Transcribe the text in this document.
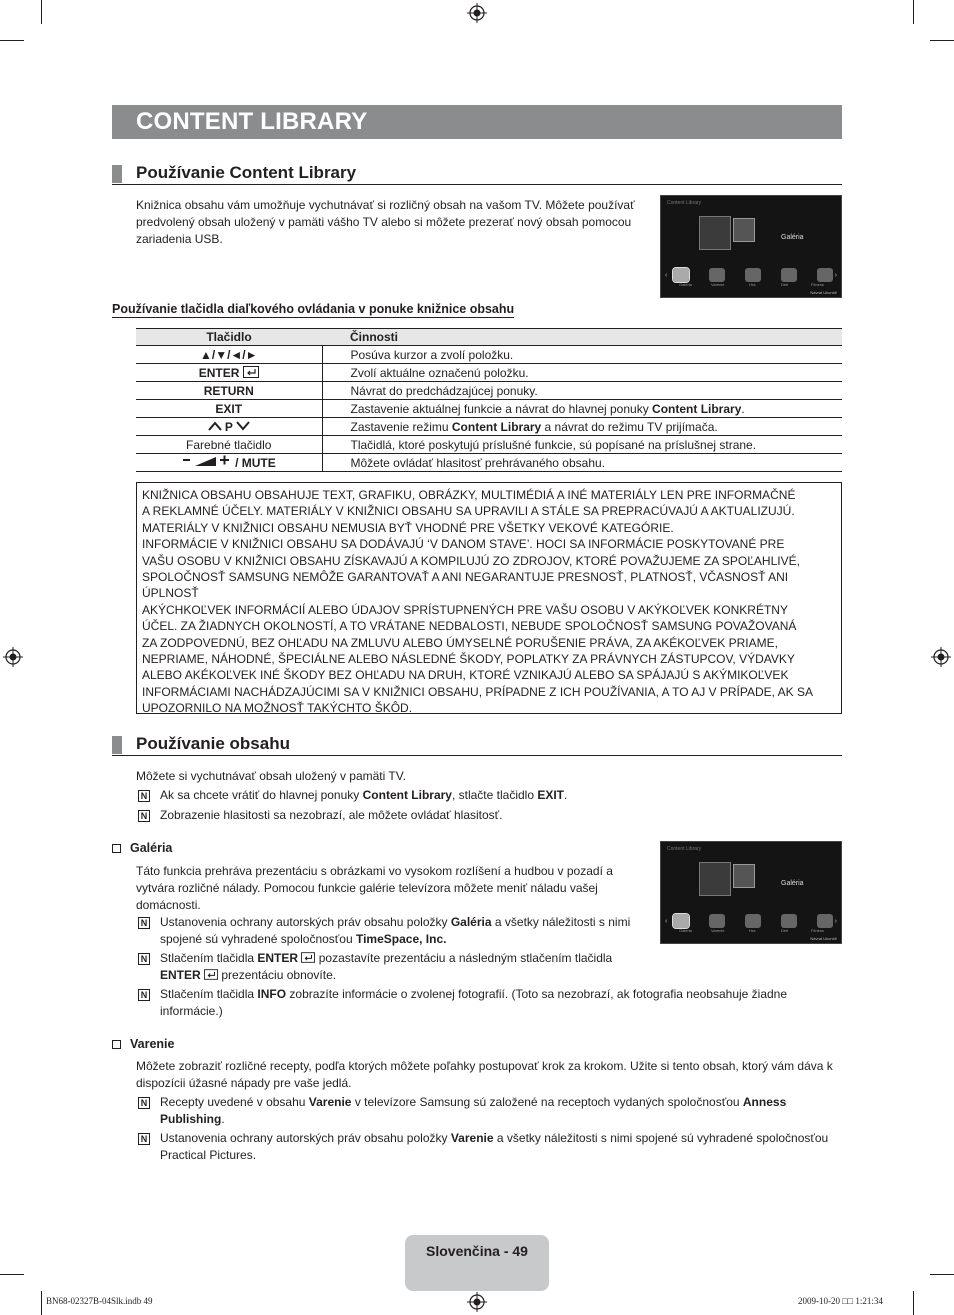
CONTENT LIBRARY
Používanie Content Library
Knižnica obsahu vám umožňuje vychutnávať si rozličný obsah na vašom TV. Môžete používať predvolený obsah uložený v pamäti vášho TV alebo si môžete prezerať nový obsah pomocou zariadenia USB.
Content Library
Galéria
‹	›
Galéria	Varenie	Hra	Deti	Fitness
Návrat Ukončiť
Používanie tlačidla diaľkového ovládania v ponuke knižnice obsahu
Tlačidlo	Činnosti
▲/▼/◄/►	Posúva kurzor a zvolí položku.
ENTER	Zvolí aktuálne označenú položku.
RETURN	Návrat do predchádzajúcej ponuky.
EXIT	Zastavenie aktuálnej funkcie a návrat do hlavnej ponuky Content Library.
P	Zastavenie režimu Content Library a návrat do režimu TV prijímača.
Farebné tlačidlo	Tlačidlá, ktoré poskytujú príslušné funkcie, sú popísané na príslušnej strane.
/ MUTE	Môžete ovládať hlasitosť prehrávaného obsahu.
KNIŽNICA OBSAHU OBSAHUJE TEXT, GRAFIKU, OBRÁZKY, MULTIMÉDIÁ A INÉ MATERIÁLY LEN PRE INFORMAČNÉ
A REKLAMNÉ ÚČELY. MATERIÁLY V KNIŽNICI OBSAHU SA UPRAVILI A STÁLE SA PREPRACÚVAJÚ A AKTUALIZUJÚ.
MATERIÁLY V KNIŽNICI OBSAHU NEMUSIA BYŤ VHODNÉ PRE VŠETKY VEKOVÉ KATEGÓRIE.
INFORMÁCIE V KNIŽNICI OBSAHU SA DODÁVAJÚ ‘V DANOM STAVE’. HOCI SA INFORMÁCIE POSKYTOVANÉ PRE
VAŠU OSOBU V KNIŽNICI OBSAHU ZÍSKAVAJÚ A KOMPILUJÚ ZO ZDROJOV, KTORÉ POVAŽUJEME ZA SPOĽAHLIVÉ,
SPOLOČNOSŤ SAMSUNG NEMÔŽE GARANTOVAŤ A ANI NEGARANTUJE PRESNOSŤ, PLATNOSŤ, VČASNOSŤ ANI
ÚPLNOSŤ
AKÝCHKOĽVEK INFORMÁCIÍ ALEBO ÚDAJOV SPRÍSTUPNENÝCH PRE VAŠU OSOBU V AKÝKOĽVEK KONKRÉTNY
ÚČEL. ZA ŽIADNYCH OKOLNOSTÍ, A TO VRÁTANE NEDBALOSTI, NEBUDE SPOLOČNOSŤ SAMSUNG POVAŽOVANÁ
ZA ZODPOVEDNÚ, BEZ OHĽADU NA ZMLUVU ALEBO ÚMYSELNÉ PORUŠENIE PRÁVA, ZA AKÉKOĽVEK PRIAME,
NEPRIAME, NÁHODNÉ, ŠPECIÁLNE ALEBO NÁSLEDNÉ ŠKODY, POPLATKY ZA PRÁVNYCH ZÁSTUPCOV, VÝDAVKY
ALEBO AKÉKOĽVEK INÉ ŠKODY BEZ OHĽADU NA DRUH, KTORÉ VZNIKAJÚ ALEBO SA SPÁJAJÚ S AKÝMIKOĽVEK
INFORMÁCIAMI NACHÁDZAJÚCIMI SA V KNIŽNICI OBSAHU, PRÍPADNE Z ICH POUŽÍVANIA, A TO AJ V PRÍPADE, AK SA
UPOZORNILO NA MOŽNOSŤ TAKÝCHTO ŠKÔD.
Používanie obsahu
Môžete si vychutnávať obsah uložený v pamäti TV.
N Ak sa chcete vrátiť do hlavnej ponuky Content Library, stlačte tlačidlo EXIT.
N Zobrazenie hlasitosti sa nezobrazí, ale môžete ovládať hlasitosť.
Galéria
Táto funkcia prehráva prezentáciu s obrázkami vo vysokom rozlíšení a hudbou v pozadí a vytvára rozličné nálady. Pomocou funkcie galérie televízora môžete meniť náladu vašej domácnosti.
Content Library
Galéria
‹	›
Galéria	Varenie	Hra	Deti	Fitness
Návrat Ukončiť
N Ustanovenia ochrany autorských práv obsahu položky Galéria a všetky náležitosti s nimi spojené sú vyhradené spoločnosťou TimeSpace, Inc.
N Stlačením tlačidla ENTER  pozastavíte prezentáciu a následným stlačením tlačidla ENTER  prezentáciu obnovíte.
N Stlačením tlačidla INFO zobrazíte informácie o zvolenej fotografií. (Toto sa nezobrazí, ak fotografia neobsahuje žiadne informácie.)
Varenie
Môžete zobraziť rozličné recepty, podľa ktorých môžete poľahky postupovať krok za krokom. Užite si tento obsah, ktorý vám dáva k dispozícii úžasné nápady pre vaše jedlá.
N Recepty uvedené v obsahu Varenie v televízore Samsung sú založené na receptoch vydaných spoločnosťou Anness Publishing.
N Ustanovenia ochrany autorských práv obsahu položky Varenie a všetky náležitosti s nimi spojené sú vyhradené spoločnosťou Practical Pictures.
Slovenčina - 49
BN68-02327B-04Slk.indb 49	2009-10-20 □□ 1:21:34
